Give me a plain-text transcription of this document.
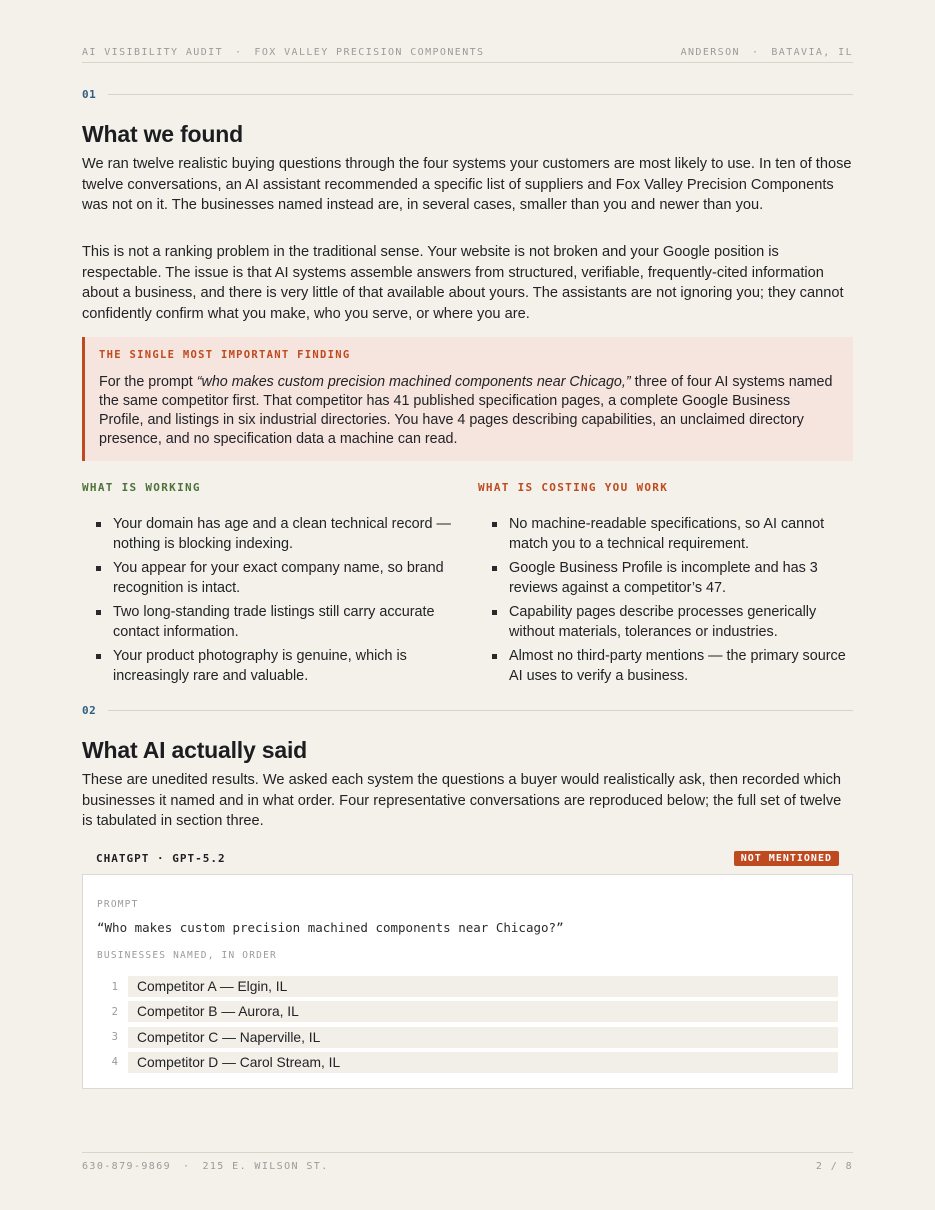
AI VISIBILITY AUDIT · FOX VALLEY PRECISION COMPONENTS	ANDERSON · BATAVIA, IL
01
What we found

We ran twelve realistic buying questions through the four systems your customers are most likely to use. In ten of those twelve conversations, an AI assistant recommended a specific list of suppliers and Fox Valley Precision Components was not on it. The businesses named instead are, in several cases, smaller than you and newer than you.

This is not a ranking problem in the traditional sense. Your website is not broken and your Google position is respectable. The issue is that AI systems assemble answers from structured, verifiable, frequently-cited information about a business, and there is very little of that available about yours. The assistants are not ignoring you; they cannot confidently confirm what you make, who you serve, or where you are.

THE SINGLE MOST IMPORTANT FINDING

For the prompt “who makes custom precision machined components near Chicago,” three of four AI systems named the same competitor first. That competitor has 41 published specification pages, a complete Google Business Profile, and listings in six industrial directories. You have 4 pages describing capabilities, an unclaimed directory presence, and no specification data a machine can read.

WHAT IS WORKING
Your domain has age and a clean technical record — nothing is blocking indexing.
You appear for your exact company name, so brand recognition is intact.
Two long-standing trade listings still carry accurate contact information.
Your product photography is genuine, which is increasingly rare and valuable.
WHAT IS COSTING YOU WORK
No machine-readable specifications, so AI cannot match you to a technical requirement.
Google Business Profile is incomplete and has 3 reviews against a competitor’s 47.
Capability pages describe processes generically without materials, tolerances or industries.
Almost no third-party mentions — the primary source AI uses to verify a business.
02
What AI actually said

These are unedited results. We asked each system the questions a buyer would realistically ask, then recorded which businesses it named and in what order. Four representative conversations are reproduced below; the full set of twelve is tabulated in section three.

CHATGPT · GPT-5.2	NOT MENTIONED
PROMPT
“Who makes custom precision machined components near Chicago?”
BUSINESSES NAMED, IN ORDER
1	Competitor A — Elgin, IL
2	Competitor B — Aurora, IL
3	Competitor C — Naperville, IL
4	Competitor D — Carol Stream, IL
630-879-9869 · 215 E. WILSON ST.	2 / 8
